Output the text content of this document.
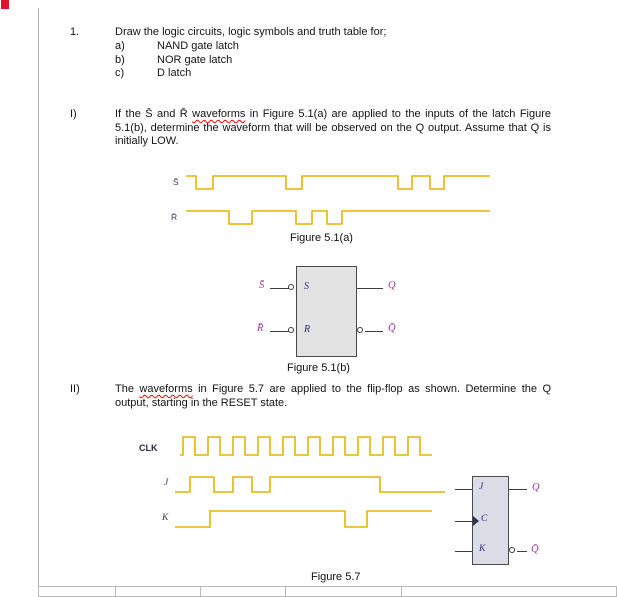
1.	Draw the logic circuits, logic symbols and truth table for;
a)	NAND gate latch
b)	NOR gate latch
c)	D latch
I)	If the S̄ and R̄ waveforms in Figure 5.1(a) are applied to the inputs of the latch Figure 5.1(b), determine the waveform that will be observed on the Q output. Assume that Q is initially LOW.

S̄
R̄
Figure 5.1(a)
S̄
R̄
S
R
Q
Q̄
Figure 5.1(b)
II)	The waveforms in Figure 5.7 are applied to the flip-flop as shown. Determine the Q output, starting in the RESET state.

CLK
J
K
J
C
K
Q
Q̄
Figure 5.7
